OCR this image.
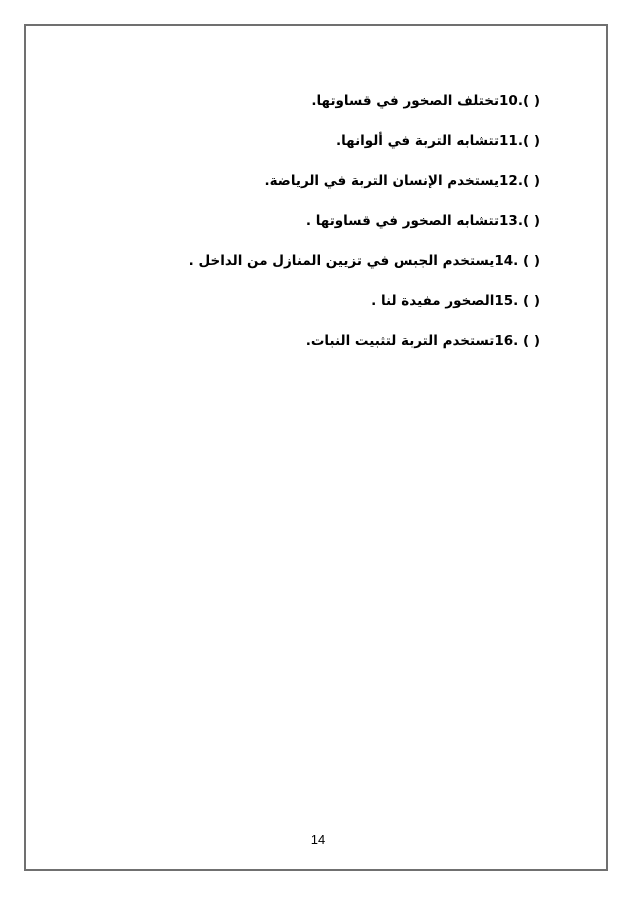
( ).10تختلف الصخور في قساوتها.
( ).11تتشابه التربة في ألوانها.
( ).12يستخدم الإنسان التربة في الرياضة.
( ).13تتشابه الصخور في قساوتها .
( ) .14يستخدم الجبس في تزيين المنازل من الداخل .
( ) .15الصخور مفيدة لنا .
( ) .16تستخدم التربة لتثبيت النبات.
14
